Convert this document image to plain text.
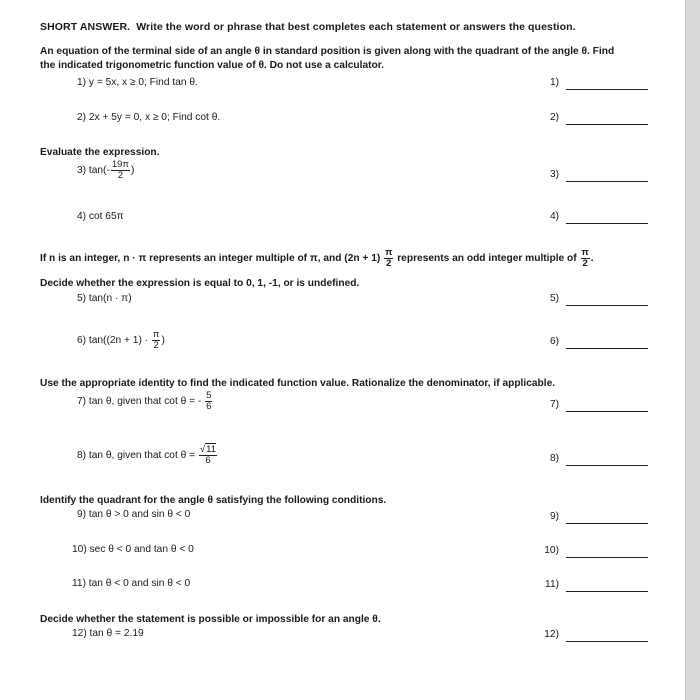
SHORT ANSWER. Write the word or phrase that best completes each statement or answers the question.
An equation of the terminal side of an angle θ in standard position is given along with the quadrant of the angle θ. Find
the indicated trigonometric function value of θ. Do not use a calculator.
1) y = 5x, x ≥ 0; Find tan θ.	1)
2) 2x + 5y = 0, x ≥ 0; Find cot θ.	2)
Evaluate the expression.
3) $\tan(- \frac{19\pi}{2}$ )	3)
4) cot 65π	4)
If n is an integer, n · π represents an integer multiple of π, and $(2n + 1) \frac{\pi}{2}$ represents an odd integer multiple of $\frac{\pi}{2}$ .
Decide whether the expression is equal to 0, 1, -1, or is undefined.
5) tan(n · π)	5)
6) $\tan((2n + 1) \cdot \frac{\pi}{2}$ )	6)
Use the appropriate identity to find the indicated function value. Rationalize the denominator, if applicable.
7) tan θ, given that cot θ = - $\frac{5}{6}$	7)
8) tan θ, given that $\cot \theta = \frac{√11}{6}$	8)
Identify the quadrant for the angle θ satisfying the following conditions.
9) tan θ > 0 and sin θ < 0	9)
10) sec θ < 0 and tan θ < 0	10)
11) tan θ < 0 and sin θ < 0	11)
Decide whether the statement is possible or impossible for an angle θ.
12) tan θ = 2.19	12)
